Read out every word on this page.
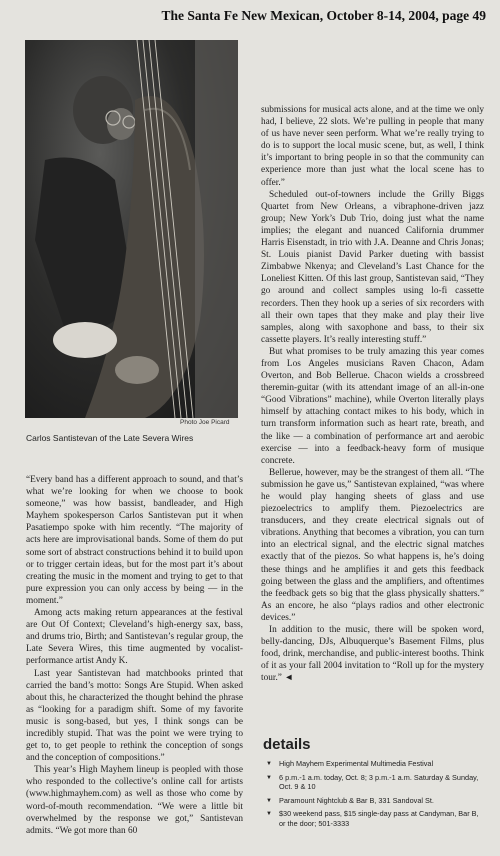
The Santa Fe New Mexican, October 8-14, 2004, page 49
Photo Joe Picard
Carlos Santistevan of the Late Severa Wires

“Every band has a different approach to sound, and that’s what we’re looking for when we choose to book someone,” was how bassist, bandleader, and High Mayhem spokesperson Carlos Santistevan put it when Pasatiempo spoke with him recently. “The majority of acts here are improvisational bands. Some of them do put some sort of abstract constructions behind it to build upon or to trigger certain ideas, but for the most part it’s about creating the music in the moment and trying to get to that pure expression you can only access by being — in the moment.”

Among acts making return appearances at the festival are Out Of Context; Cleveland’s high-energy sax, bass, and drums trio, Birth; and Santistevan’s regular group, the Late Severa Wires, this time augmented by vocalist-performance artist Andy K.

Last year Santistevan had matchbooks printed that carried the band’s motto: Songs Are Stupid. When asked about this, he characterized the thought behind the phrase as “looking for a paradigm shift. Some of my favorite music is song-based, but yes, I think songs can be incredibly stupid. That was the point we were trying to get to, to get people to rethink the conception of songs and the conception of compositions.”

This year’s High Mayhem lineup is peopled with those who responded to the collective’s online call for artists (www.highmayhem.com) as well as those who come by word-of-mouth recommendation. “We were a little bit overwhelmed by the response we got,” Santistevan admits. “We got more than 60

submissions for musical acts alone, and at the time we only had, I believe, 22 slots. We’re pulling in people that many of us have never seen perform. What we’re really trying to do is to support the local music scene, but, as well, I think it’s important to bring people in so that the community can experience more than just what the local scene has to offer.”

Scheduled out-of-towners include the Grilly Biggs Quartet from New Orleans, a vibraphone-driven jazz group; New York’s Dub Trio, doing just what the name implies; the elegant and nuanced California drummer Harris Eisenstadt, in trio with J.A. Deanne and Chris Jonas; St. Louis pianist David Parker dueting with bassist Zimbabwe Nkenya; and Cleveland’s Last Chance for the Loneliest Kitten. Of this last group, Santistevan said, “They go around and collect samples using lo-fi cassette recorders. Then they hook up a series of six recorders with all their own tapes that they make and play their live samples, along with saxophone and bass, to their six cassette players. It’s really interesting stuff.”

But what promises to be truly amazing this year comes from Los Angeles musicians Raven Chacon, Adam Overton, and Bob Bellerue. Chacon wields a crossbreed theremin-guitar (with its attendant image of an all-in-one “Good Vibrations” machine), while Overton literally plays himself by attaching contact mikes to his body, which in turn transform information such as heart rate, breath, and the like — a combination of performance art and aerobic exercise — into a feedback-heavy form of musique concrete.

Bellerue, however, may be the strangest of them all. “The submission he gave us,” Santistevan explained, “was where he would play hanging sheets of glass and use piezoelectrics to amplify them. Piezoelectrics are transducers, and they create electrical signals out of vibrations. Anything that becomes a vibration, you can turn into an electrical signal, and the electric signal matches exactly that of the piezos. So what happens is, he’s doing these things and he amplifies it and gets this feedback going between the glass and the amplifiers, and oftentimes the feedback gets so big that the glass physically shatters.” As an encore, he also “plays radios and other electronic devices.”

In addition to the music, there will be spoken word, belly-dancing, DJs, Albuquerque’s Basement Films, plus food, drink, merchandise, and public-interest booths. Think of it as your fall 2004 invitation to “Roll up for the mystery tour.” ◄

details
▼ High Mayhem Experimental Multimedia Festival
▼ 6 p.m.-1 a.m. today, Oct. 8; 3 p.m.-1 a.m. Saturday & Sunday, Oct. 9 & 10
▼ Paramount Nightclub & Bar B, 331 Sandoval St.
▼ $30 weekend pass, $15 single-day pass at Candyman, Bar B, or the door; 501-3333
